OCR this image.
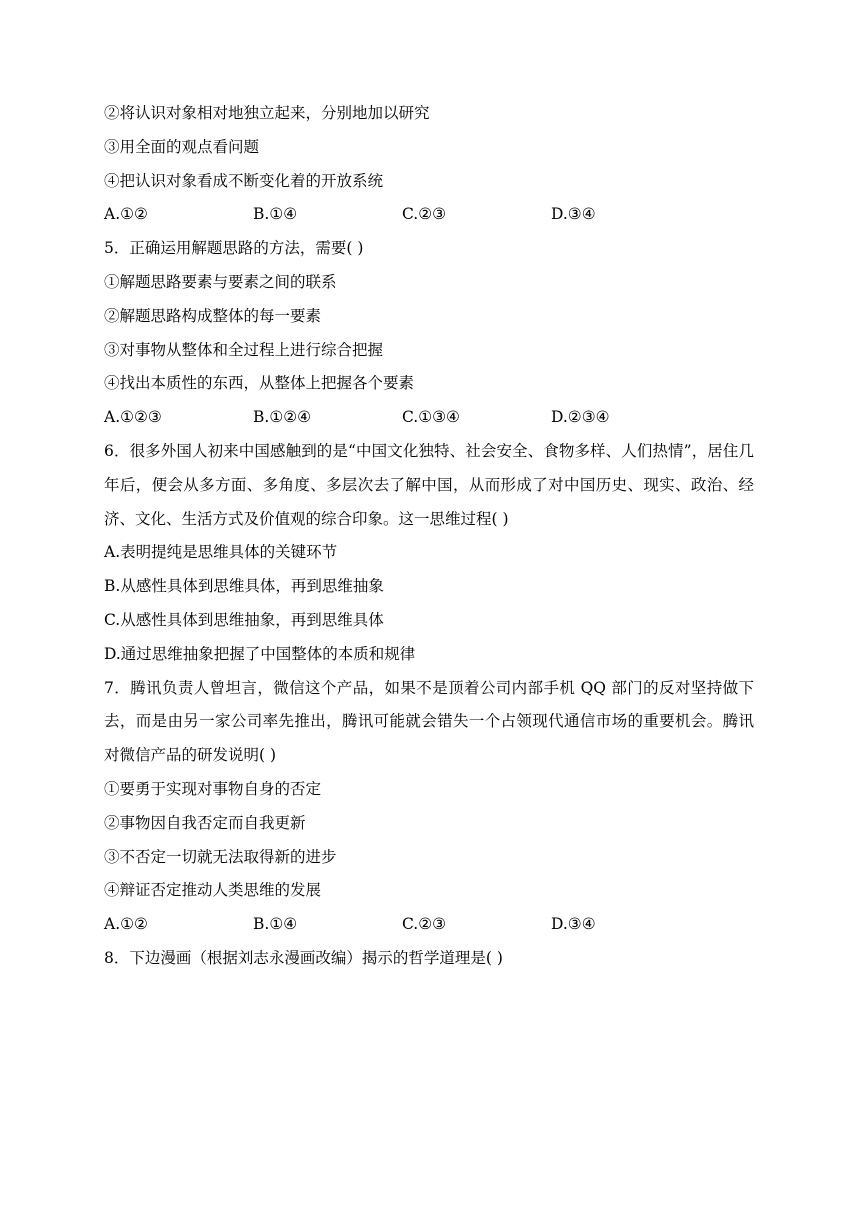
②将认识对象相对地独立起来，分别地加以研究
③用全面的观点看问题
④把认识对象看成不断变化着的开放系统
A.①②	B.①④	C.②③	D.③④
5．正确运用解题思路的方法，需要( )
①解题思路要素与要素之间的联系
②解题思路构成整体的每一要素
③对事物从整体和全过程上进行综合把握
④找出本质性的东西，从整体上把握各个要素
A.①②③	B.①②④	C.①③④	D.②③④
6．很多外国人初来中国感触到的是“中国文化独特、社会安全、食物多样、人们热情”，居住几年后，便会从多方面、多角度、多层次去了解中国，从而形成了对中国历史、现实、政治、经济、文化、生活方式及价值观的综合印象。这一思维过程( )
A.表明提纯是思维具体的关键环节
B.从感性具体到思维具体，再到思维抽象
C.从感性具体到思维抽象，再到思维具体
D.通过思维抽象把握了中国整体的本质和规律
7．腾讯负责人曾坦言，微信这个产品，如果不是顶着公司内部手机 QQ 部门的反对坚持做下去，而是由另一家公司率先推出，腾讯可能就会错失一个占领现代通信市场的重要机会。腾讯对微信产品的研发说明( )
①要勇于实现对事物自身的否定
②事物因自我否定而自我更新
③不否定一切就无法取得新的进步
④辩证否定推动人类思维的发展
A.①②	B.①④	C.②③	D.③④
8．下边漫画（根据刘志永漫画改编）揭示的哲学道理是( )
